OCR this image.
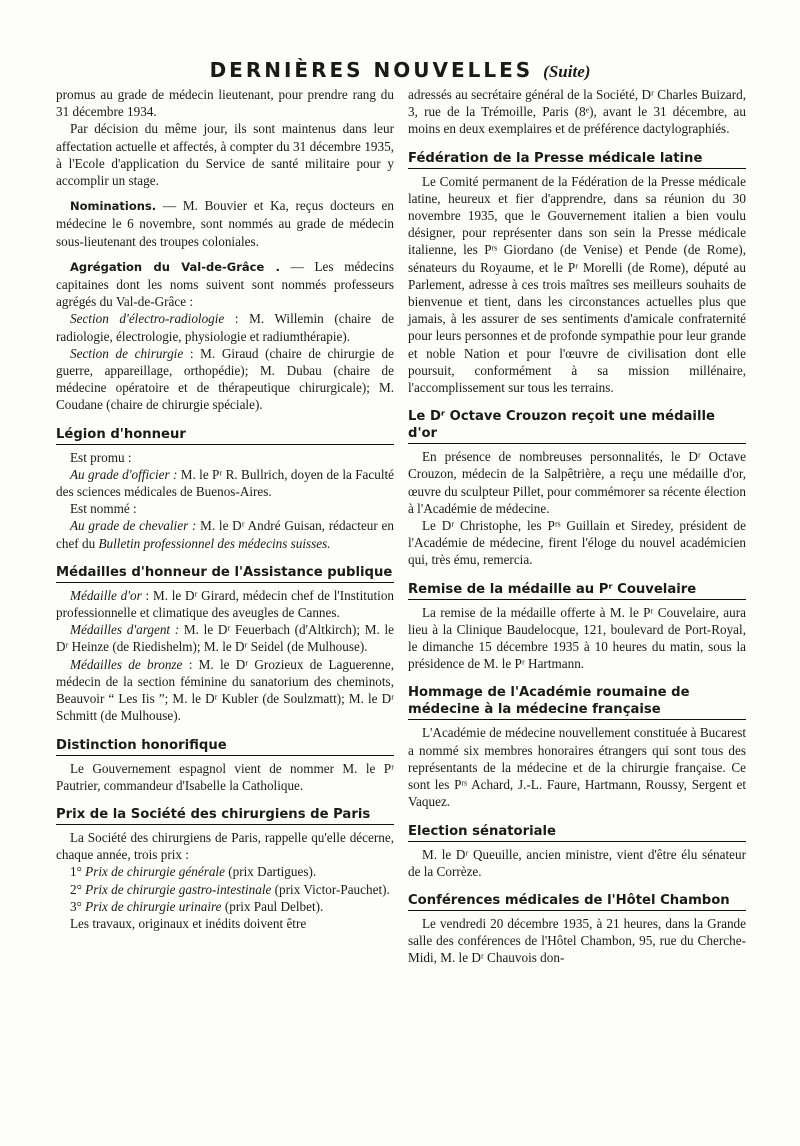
DERNIÈRES NOUVELLES (Suite)

promus au grade de médecin lieutenant, pour prendre rang du 31 décembre 1934.

Par décision du même jour, ils sont maintenus dans leur affectation actuelle et affectés, à compter du 31 décembre 1935, à l'Ecole d'application du Service de santé militaire pour y accomplir un stage.

Nominations. — M. Bouvier et Ka, reçus docteurs en médecine le 6 novembre, sont nommés au grade de médecin sous-lieutenant des troupes coloniales.

Agrégation du Val-de-Grâce . — Les médecins capitaines dont les noms suivent sont nommés professeurs agrégés du Val-de-Grâce :

Section d'électro-radiologie : M. Willemin (chaire de radiologie, électrologie, physiologie et radiumthérapie).

Section de chirurgie : M. Giraud (chaire de chirurgie de guerre, appareillage, orthopédie); M. Dubau (chaire de médecine opératoire et de thérapeutique chirurgicale); M. Coudane (chaire de chirurgie spéciale).

Légion d'honneur

Est promu :

Au grade d'officier : M. le Pʳ R. Bullrich, doyen de la Faculté des sciences médicales de Buenos-Aires.

Est nommé :

Au grade de chevalier : M. le Dʳ André Guisan, rédacteur en chef du Bulletin professionnel des médecins suisses.

Médailles d'honneur de l'Assistance publique

Médaille d'or : M. le Dʳ Girard, médecin chef de l'Institution professionnelle et climatique des aveugles de Cannes.

Médailles d'argent : M. le Dʳ Feuerbach (d'Altkirch); M. le Dʳ Heinze (de Riedishelm); M. le Dʳ Seidel (de Mulhouse).

Médailles de bronze : M. le Dʳ Grozieux de Laguerenne, médecin de la section féminine du sanatorium des cheminots, Beauvoir “ Les Iis ”; M. le Dʳ Kubler (de Soulzmatt); M. le Dʳ Schmitt (de Mulhouse).

Distinction honorifique

Le Gouvernement espagnol vient de nommer M. le Pʳ Pautrier, commandeur d'Isabelle la Catholique.

Prix de la Société des chirurgiens de Paris

La Société des chirurgiens de Paris, rappelle qu'elle décerne, chaque année, trois prix :

1° Prix de chirurgie générale (prix Dartigues).

2° Prix de chirurgie gastro-intestinale (prix Victor-Pauchet).

3° Prix de chirurgie urinaire (prix Paul Delbet).

Les travaux, originaux et inédits doivent être

adressés au secrétaire général de la Société, Dʳ Charles Buizard, 3, rue de la Trémoille, Paris (8ᵉ), avant le 31 décembre, au moins en deux exemplaires et de préférence dactylographiés.

Fédération de la Presse médicale latine

Le Comité permanent de la Fédération de la Presse médicale latine, heureux et fier d'apprendre, dans sa réunion du 30 novembre 1935, que le Gouvernement italien a bien voulu désigner, pour représenter dans son sein la Presse médicale italienne, les Pʳˢ Giordano (de Venise) et Pende (de Rome), sénateurs du Royaume, et le Pʳ Morelli (de Rome), député au Parlement, adresse à ces trois maîtres ses meilleurs souhaits de bienvenue et tient, dans les circonstances actuelles plus que jamais, à les assurer de ses sentiments d'amicale confraternité pour leurs personnes et de profonde sympathie pour leur grande et noble Nation et pour l'œuvre de civilisation dont elle poursuit, conformément à sa mission millénaire, l'accomplissement sur tous les terrains.

Le Dʳ Octave Crouzon reçoit une médaille d'or

En présence de nombreuses personnalités, le Dʳ Octave Crouzon, médecin de la Salpêtrière, a reçu une médaille d'or, œuvre du sculpteur Pillet, pour commémorer sa récente élection à l'Académie de médecine.

Le Dʳ Christophe, les Pʳˢ Guillain et Siredey, président de l'Académie de médecine, firent l'éloge du nouvel académicien qui, très ému, remercia.

Remise de la médaille au Pʳ Couvelaire

La remise de la médaille offerte à M. le Pʳ Couvelaire, aura lieu à la Clinique Baudelocque, 121, boulevard de Port-Royal, le dimanche 15 décembre 1935 à 10 heures du matin, sous la présidence de M. le Pʳ Hartmann.

Hommage de l'Académie roumaine de médecine à la médecine française

L'Académie de médecine nouvellement constituée à Bucarest a nommé six membres honoraires étrangers qui sont tous des représentants de la médecine et de la chirurgie française. Ce sont les Pʳˢ Achard, J.-L. Faure, Hartmann, Roussy, Sergent et Vaquez.

Election sénatoriale

M. le Dʳ Queuille, ancien ministre, vient d'être élu sénateur de la Corrèze.

Conférences médicales de l'Hôtel Chambon

Le vendredi 20 décembre 1935, à 21 heures, dans la Grande salle des conférences de l'Hôtel Chambon, 95, rue du Cherche-Midi, M. le Dʳ Chauvois don-
